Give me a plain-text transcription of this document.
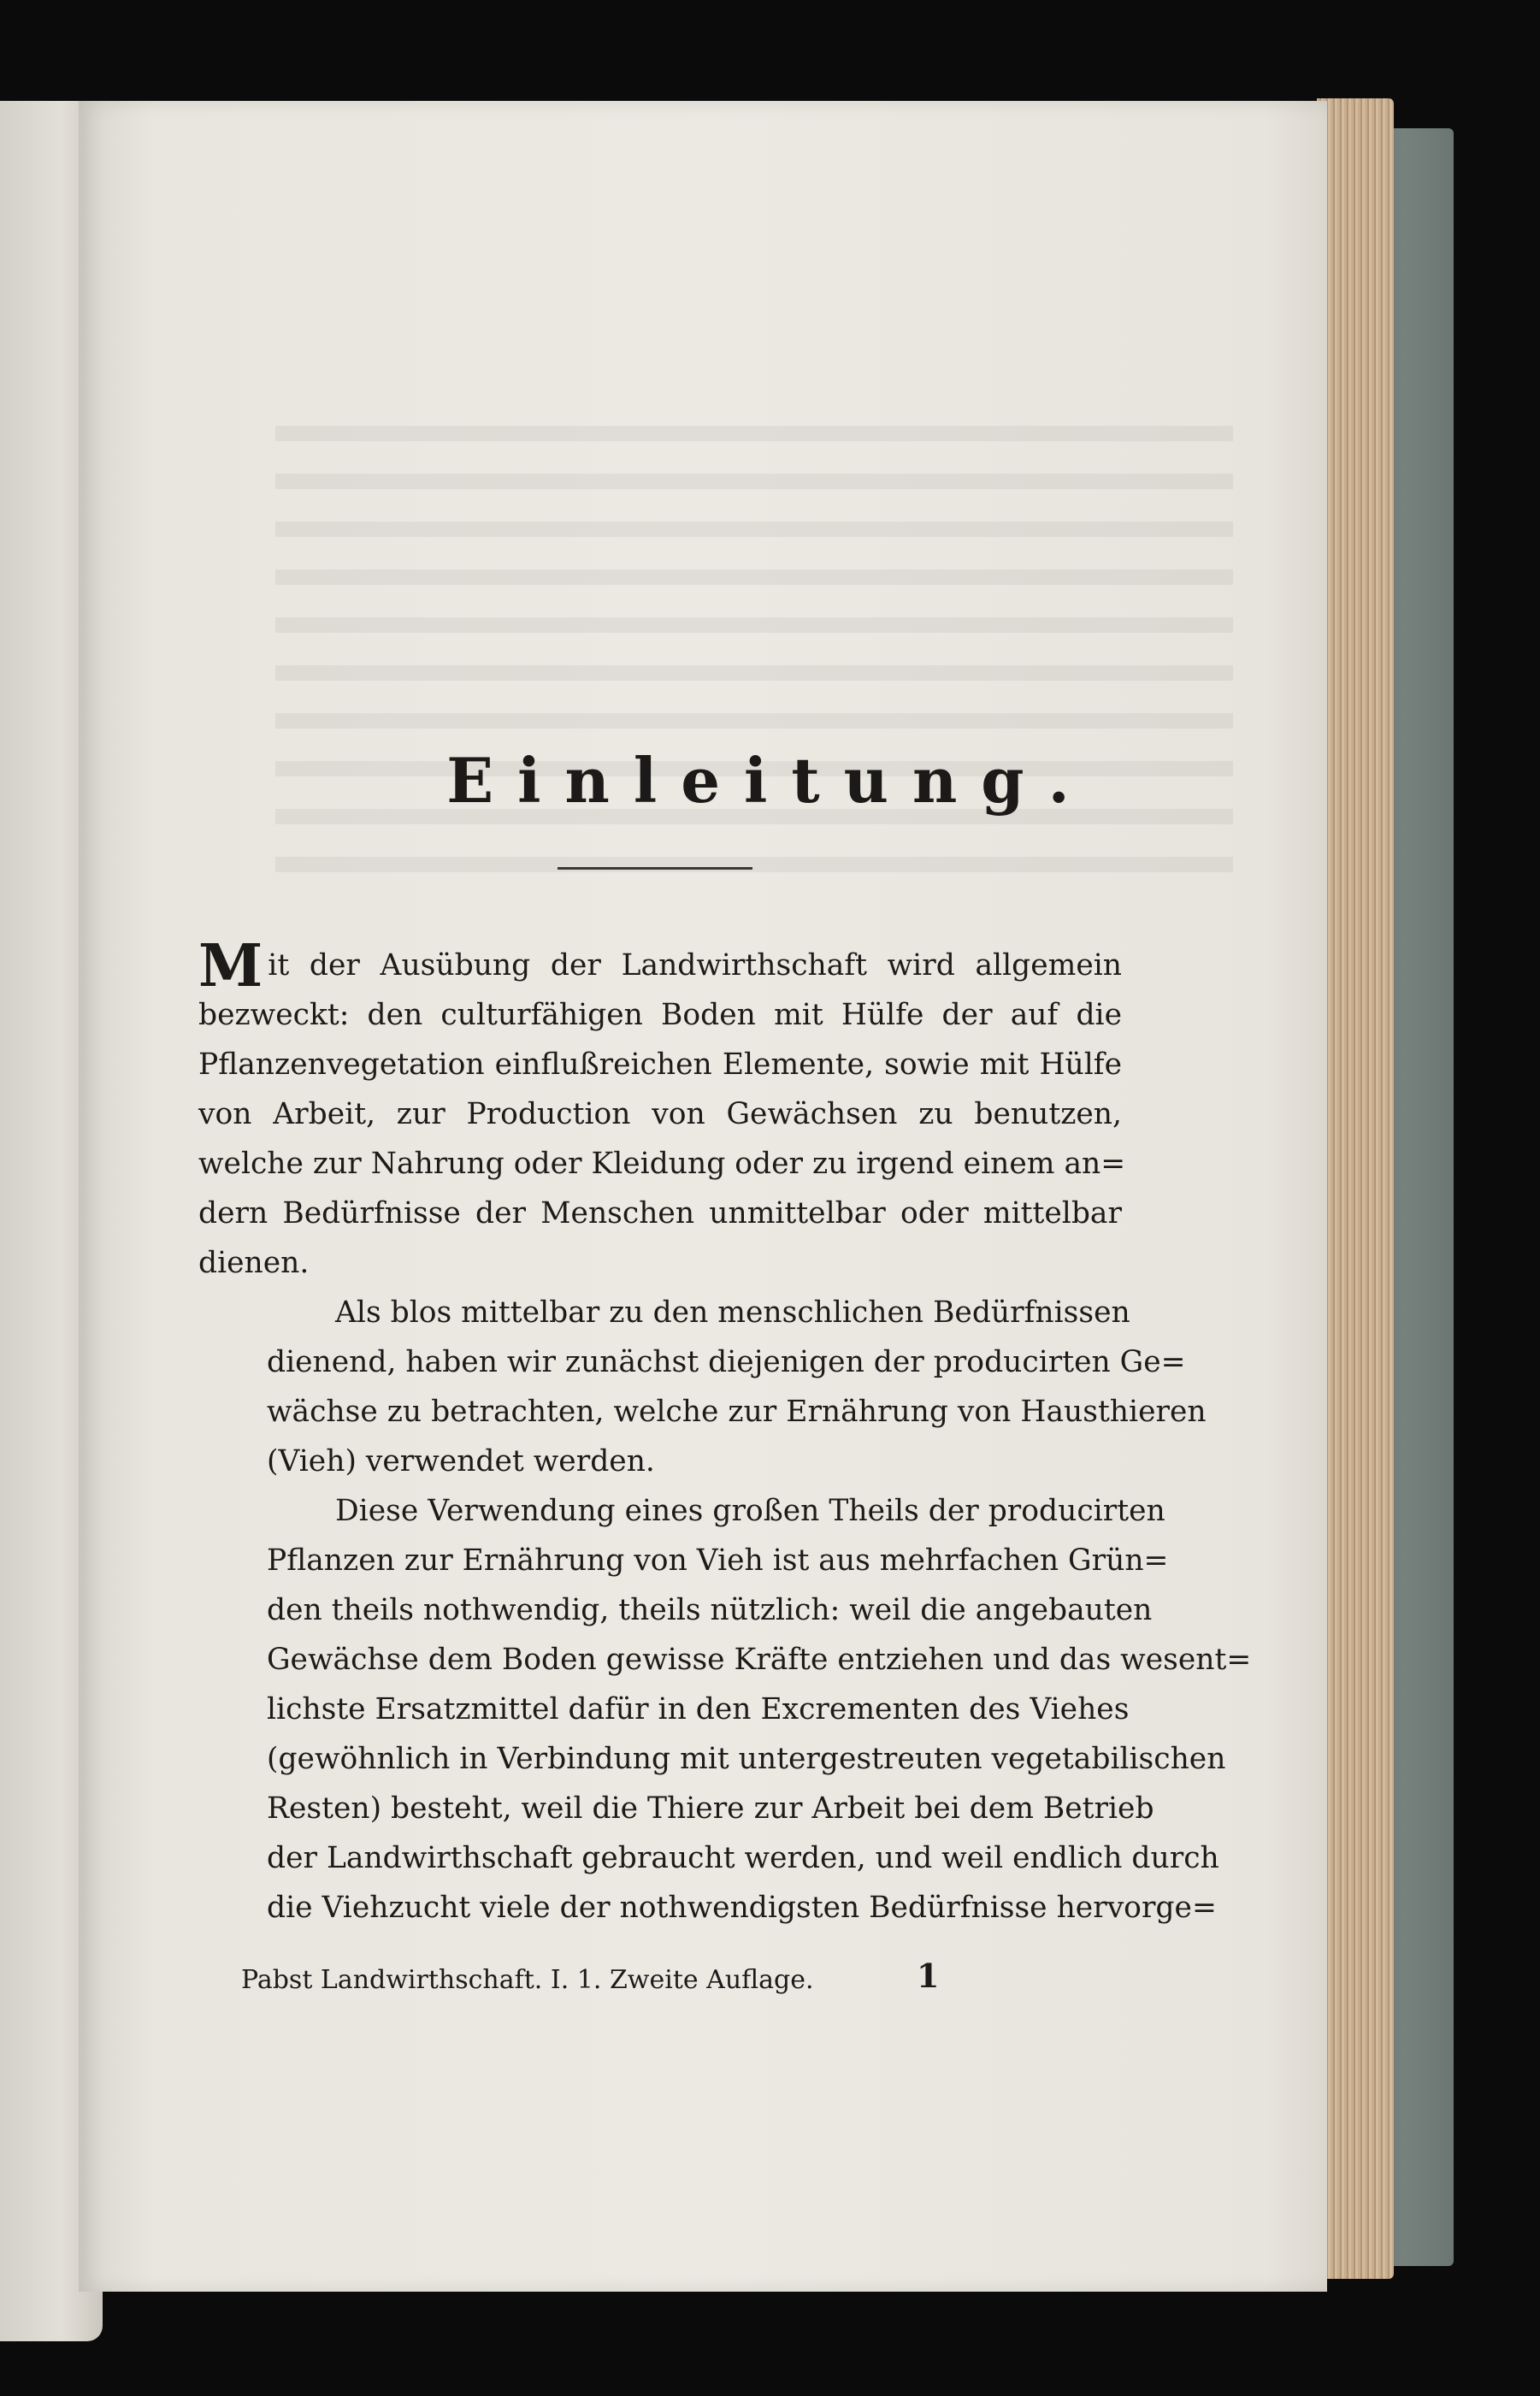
Einleitung.

M it der Ausübung der Landwirthschaft wird allgemein
bezweckt: den culturfähigen Boden mit Hülfe der auf die
Pflanzenvegetation einflußreichen Elemente, sowie mit Hülfe
von Arbeit, zur Production von Gewächsen zu benutzen,
welche zur Nahrung oder Kleidung oder zu irgend einem an=
dern Bedürfnisse der Menschen unmittelbar oder mittelbar
dienen.

Als blos mittelbar zu den menschlichen Bedürfnissen
dienend, haben wir zunächst diejenigen der producirten Ge=
wächse zu betrachten, welche zur Ernährung von Hausthieren
(Vieh) verwendet werden.

Diese Verwendung eines großen Theils der producirten
Pflanzen zur Ernährung von Vieh ist aus mehrfachen Grün=
den theils nothwendig, theils nützlich: weil die angebauten
Gewächse dem Boden gewisse Kräfte entziehen und das wesent=
lichste Ersatzmittel dafür in den Excrementen des Viehes
(gewöhnlich in Verbindung mit untergestreuten vegetabilischen
Resten) besteht, weil die Thiere zur Arbeit bei dem Betrieb
der Landwirthschaft gebraucht werden, und weil endlich durch
die Viehzucht viele der nothwendigsten Bedürfnisse hervorge=

Pabst Landwirthschaft. I. 1. Zweite Auflage.	1
